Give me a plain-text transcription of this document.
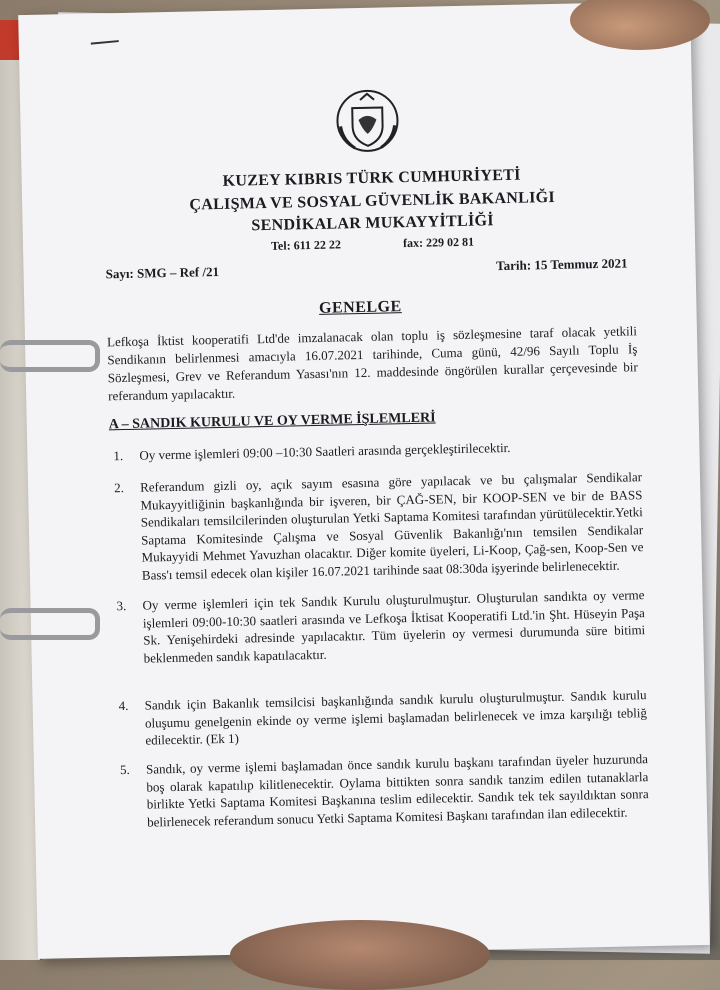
KUZEY KIBRIS TÜRK CUMHURİYETİ
ÇALIŞMA VE SOSYAL GÜVENLİK BAKANLIĞI
SENDİKALAR MUKAYYİTLİĞİ
Tel: 611 22 22	fax: 229 02 81
Sayı: SMG – Ref /21	Tarih: 15 Temmuz 2021
GENELGE
Lefkoşa İktist kooperatifi Ltd'de imzalanacak olan toplu iş sözleşmesine taraf olacak yetkili Sendikanın belirlenmesi amacıyla 16.07.2021 tarihinde, Cuma günü, 42/96 Sayılı Toplu İş Sözleşmesi, Grev ve Referandum Yasası'nın 12. maddesinde öngörülen kurallar çerçevesinde bir referandum yapılacaktır.
A – SANDIK KURULU VE OY VERME İŞLEMLERİ
1.	Oy verme işlemleri 09:00 –10:30 Saatleri arasında gerçekleştirilecektir.
2.	Referandum gizli oy, açık sayım esasına göre yapılacak ve bu çalışmalar Sendikalar Mukayyitliğinin başkanlığında bir işveren, bir ÇAĞ-SEN, bir KOOP-SEN ve bir de BASS Sendikaları temsilcilerinden oluşturulan Yetki Saptama Komitesi tarafından yürütülecektir.Yetki Saptama Komitesinde Çalışma ve Sosyal Güvenlik Bakanlığı'nın temsilen Sendikalar Mukayyidi Mehmet Yavuzhan olacaktır. Diğer komite üyeleri, Li-Koop, Çağ-sen, Koop-Sen ve Bass'ı temsil edecek olan kişiler 16.07.2021 tarihinde saat 08:30da işyerinde belirlenecektir.
3.	Oy verme işlemleri için tek Sandık Kurulu oluşturulmuştur. Oluşturulan sandıkta oy verme işlemleri 09:00-10:30 saatleri arasında ve Lefkoşa İktisat Kooperatifi Ltd.'in Şht. Hüseyin Paşa Sk. Yenişehirdeki adresinde yapılacaktır. Tüm üyelerin oy vermesi durumunda süre bitimi beklenmeden sandık kapatılacaktır.
4.	Sandık için Bakanlık temsilcisi başkanlığında sandık kurulu oluşturulmuştur. Sandık kurulu oluşumu genelgenin ekinde oy verme işlemi başlamadan belirlenecek ve imza karşılığı tebliğ edilecektir. (Ek 1)
5.	Sandık, oy verme işlemi başlamadan önce sandık kurulu başkanı tarafından üyeler huzurunda boş olarak kapatılıp kilitlenecektir. Oylama bittikten sonra sandık tanzim edilen tutanaklarla birlikte Yetki Saptama Komitesi Başkanına teslim edilecektir. Sandık tek tek sayıldıktan sonra belirlenecek referandum sonucu Yetki Saptama Komitesi Başkanı tarafından ilan edilecektir.
